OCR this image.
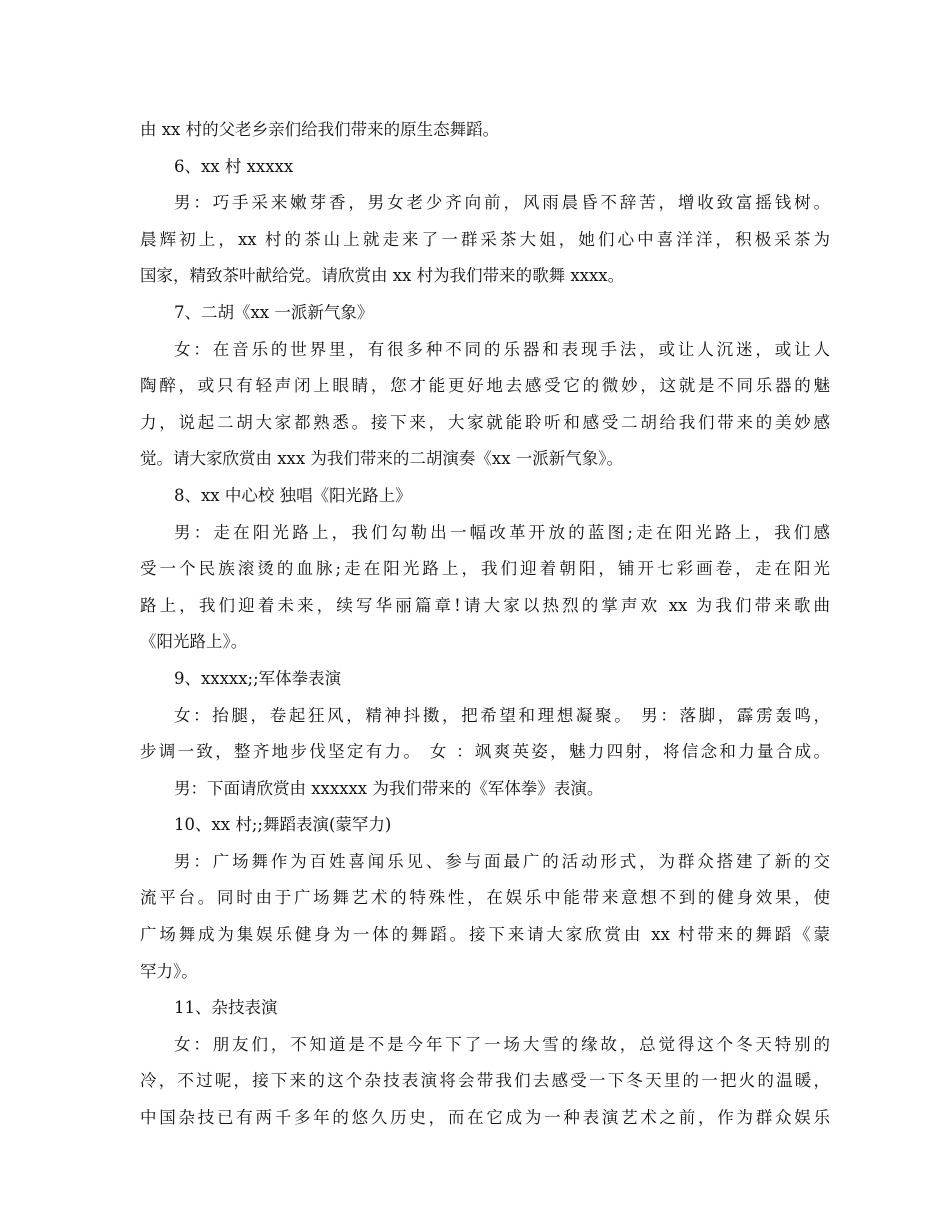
由 xx 村的父老乡亲们给我们带来的原生态舞蹈。
6、xx 村 xxxxx
男：巧手采来嫩芽香，男女老少齐向前，风雨晨昏不辞苦，增收致富摇钱树。
晨辉初上，xx 村的茶山上就走来了一群采茶大姐，她们心中喜洋洋，积极采茶为
国家，精致茶叶献给党。请欣赏由 xx 村为我们带来的歌舞 xxxx。
7、二胡《xx 一派新气象》
女：在音乐的世界里，有很多种不同的乐器和表现手法，或让人沉迷，或让人
陶醉，或只有轻声闭上眼睛，您才能更好地去感受它的微妙，这就是不同乐器的魅
力，说起二胡大家都熟悉。接下来，大家就能聆听和感受二胡给我们带来的美妙感
觉。请大家欣赏由 xxx 为我们带来的二胡演奏《xx 一派新气象》。
8、xx 中心校 独唱《阳光路上》
男：走在阳光路上，我们勾勒出一幅改革开放的蓝图;走在阳光路上，我们感
受一个民族滚烫的血脉;走在阳光路上，我们迎着朝阳，铺开七彩画卷，走在阳光
路上，我们迎着未来，续写华丽篇章!请大家以热烈的掌声欢 xx 为我们带来歌曲
《阳光路上》。
9、xxxxx;;军体拳表演
女：抬腿，卷起狂风，精神抖擞，把希望和理想凝聚。 男：落脚，霹雳轰鸣，
步调一致，整齐地步伐坚定有力。 女 ：飒爽英姿，魅力四射，将信念和力量合成。
男：下面请欣赏由 xxxxxx 为我们带来的《军体拳》表演。
10、xx 村;;舞蹈表演(蒙罕力)
男：广场舞作为百姓喜闻乐见、参与面最广的活动形式，为群众搭建了新的交
流平台。同时由于广场舞艺术的特殊性，在娱乐中能带来意想不到的健身效果，使
广场舞成为集娱乐健身为一体的舞蹈。接下来请大家欣赏由 xx 村带来的舞蹈《蒙
罕力》。
11、杂技表演
女：朋友们，不知道是不是今年下了一场大雪的缘故，总觉得这个冬天特别的
冷，不过呢，接下来的这个杂技表演将会带我们去感受一下冬天里的一把火的温暖，
中国杂技已有两千多年的悠久历史，而在它成为一种表演艺术之前，作为群众娱乐
